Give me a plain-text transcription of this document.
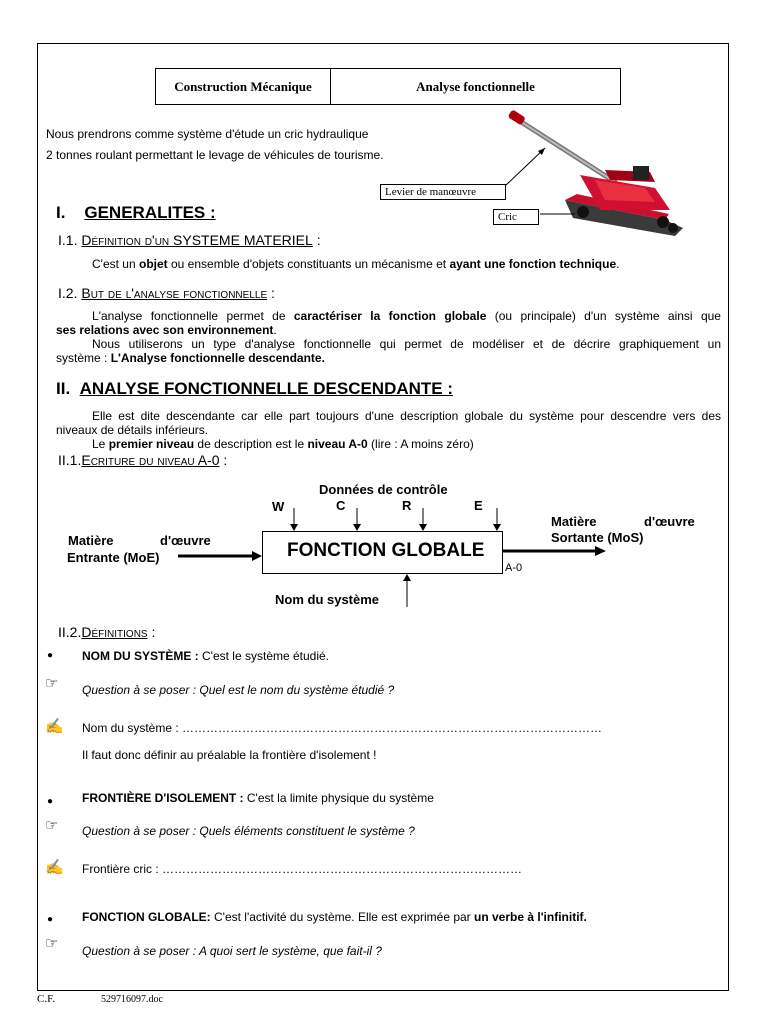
Construction Mécanique	Analyse fonctionnelle
Nous prendrons comme système d'étude un cric hydraulique
2 tonnes roulant permettant le levage de véhicules de tourisme.
Levier de manœuvre
Cric
I. GENERALITES :
I.1. Définition d'un SYSTEME MATERIEL :
C'est un objet ou ensemble d'objets constituants un mécanisme et ayant une fonction technique.
I.2. But de l'analyse fonctionnelle :
L'analyse fonctionnelle permet de caractériser la fonction globale (ou principale) d'un système ainsi que
ses relations avec son environnement.
Nous utiliserons un type d'analyse fonctionnelle qui permet de modéliser et de décrire graphiquement un
système : L'Analyse fonctionnelle descendante.
II. ANALYSE FONCTIONNELLE DESCENDANTE :
Elle est dite descendante car elle part toujours d'une description globale du système pour descendre vers des
niveaux de détails inférieurs.
Le premier niveau de description est le niveau A-0 (lire : A moins zéro)
II.1.Ecriture du niveau A-0 :
Données de contrôle
W	C	R	E
FONCTION GLOBALE
A-0
Matière	d'œuvre
Entrante (MoE)
Matière	d'œuvre
Sortante (MoS)
Nom du système
II.2.Définitions :
● NOM DU SYSTÈME : C'est le système étudié.
☞ Question à se poser : Quel est le nom du système étudié ?
✍ Nom du système : ……………………………………………………………………………………………
Il faut donc définir au préalable la frontière d'isolement !
● FRONTIÈRE D'ISOLEMENT : C'est la limite physique du système
☞ Question à se poser : Quels éléments constituent le système ?
✍ Frontière cric : ………………………………………………………………………………
● FONCTION GLOBALE: C'est l'activité du système. Elle est exprimée par un verbe à l'infinitif.
☞ Question à se poser : A quoi sert le système, que fait-il ?
C.F.	529716097.doc
